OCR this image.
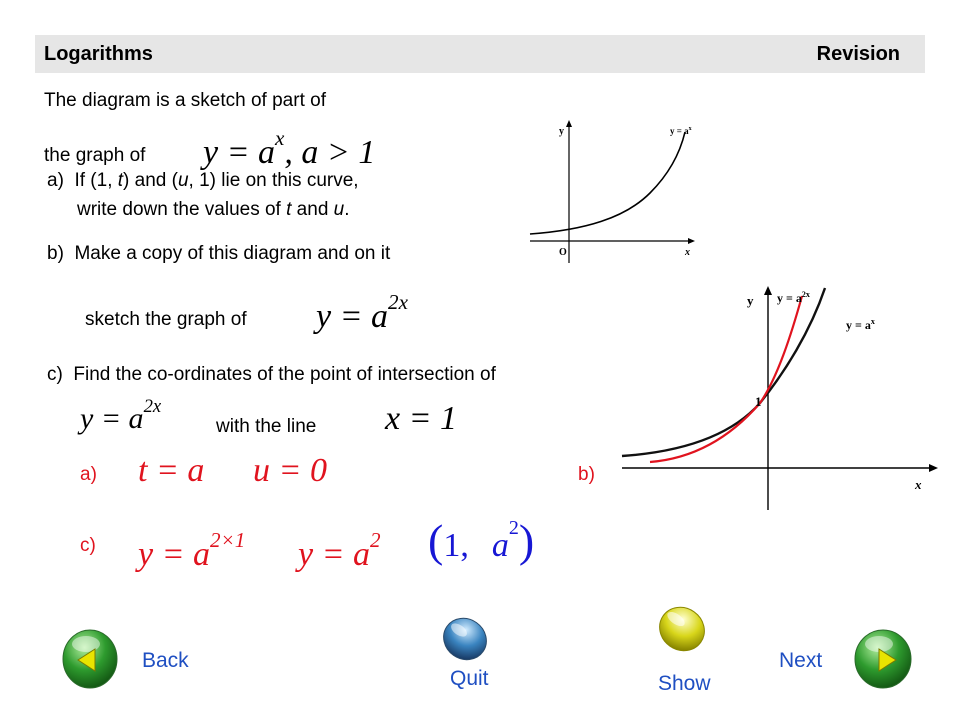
Logarithms	Revision
The diagram is a sketch of part of
the graph of $y = a^x$, a > 1
a) If (1, t) and (u, 1) lie on this curve,
write down the values of t and u.
b) Make a copy of this diagram and on it
sketch the graph of $y = a^{2x}$
c) Find the co-ordinates of the point of intersection of
$y = a^{2x}$
with the line x = 1
a) t = a u = 0	b)
c) $y = a^{2\times 1}$ $y = a^2$ (1, $a^2$)
y	$y = a^x$
O	x
y $y = a^{2x}$
$y = a^x$
1
x
Back
Quit	Show
Next
